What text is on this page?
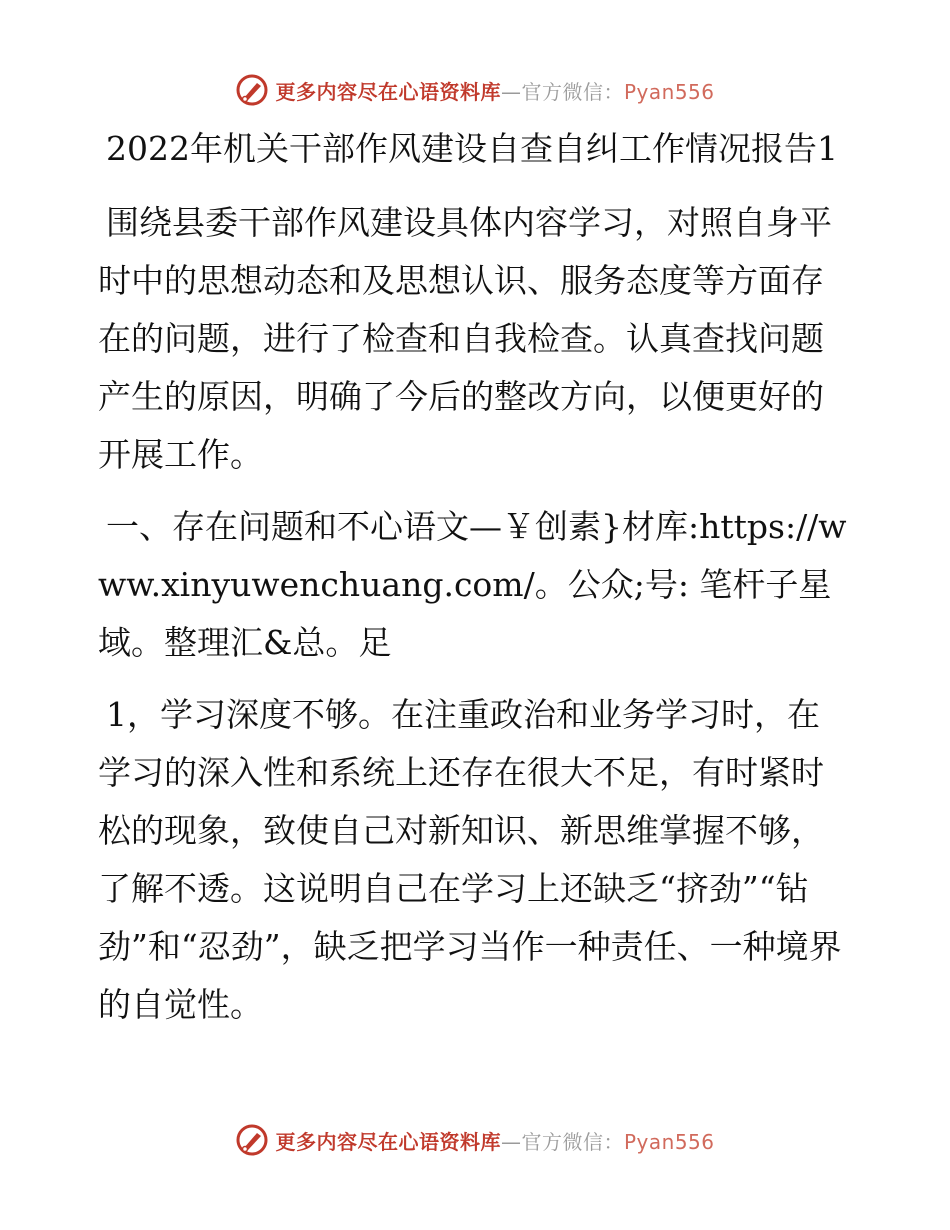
更多内容尽在心语资料库—官方微信：Pyan556
2022年机关干部作风建设自查自纠工作情况报告1

围绕县委干部作风建设具体内容学习，对照自身平时中的思想动态和及思想认识、服务态度等方面存在的问题，进行了检查和自我检查。认真查找问题产生的原因，明确了今后的整改方向，以便更好的开展工作。

一、存在问题和不心语文—￥创素}材库:https://www.xinyuwenchuang.com/。公众;号: 笔杆子星域。整理汇&总。足

1，学习深度不够。在注重政治和业务学习时，在学习的深入性和系统上还存在很大不足，有时紧时松的现象，致使自己对新知识、新思维掌握不够，了解不透。这说明自己在学习上还缺乏“挤劲”“钻劲”和“忍劲”，缺乏把学习当作一种责任、一种境界的自觉性。

更多内容尽在心语资料库—官方微信：Pyan556
